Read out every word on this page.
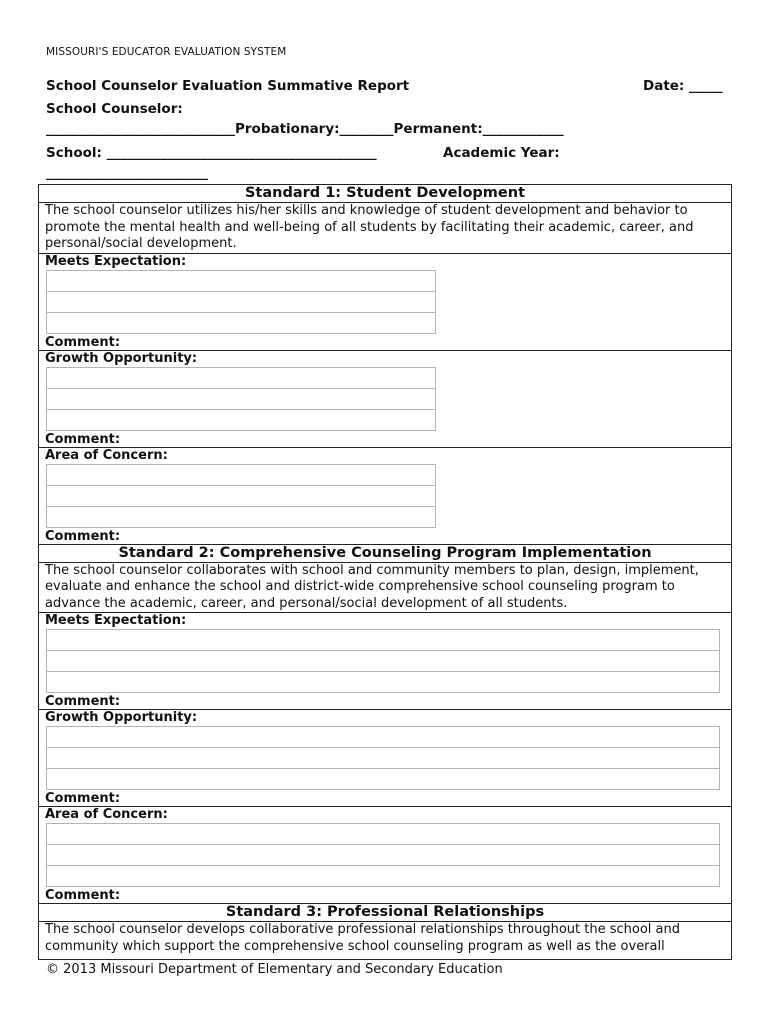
MISSOURI'S EDUCATOR EVALUATION SYSTEM
School Counselor Evaluation Summative Report	Date: _____
School Counselor:
____________________________Probationary:________Permanent:____________
School: ________________________________________	Academic Year:
________________________
Standard 1: Student Development
The school counselor utilizes his/her skills and knowledge of student development and behavior to promote the mental health and well-being of all students by facilitating their academic, career, and personal/social development.
Meets Expectation:
Comment:
Growth Opportunity:
Comment:
Area of Concern:
Comment:
Standard 2: Comprehensive Counseling Program Implementation
The school counselor collaborates with school and community members to plan, design, implement, evaluate and enhance the school and district-wide comprehensive school counseling program to advance the academic, career, and personal/social development of all students.
Meets Expectation:
Comment:
Growth Opportunity:
Comment:
Area of Concern:
Comment:
Standard 3: Professional Relationships
The school counselor develops collaborative professional relationships throughout the school and community which support the comprehensive school counseling program as well as the overall
© 2013 Missouri Department of Elementary and Secondary Education
